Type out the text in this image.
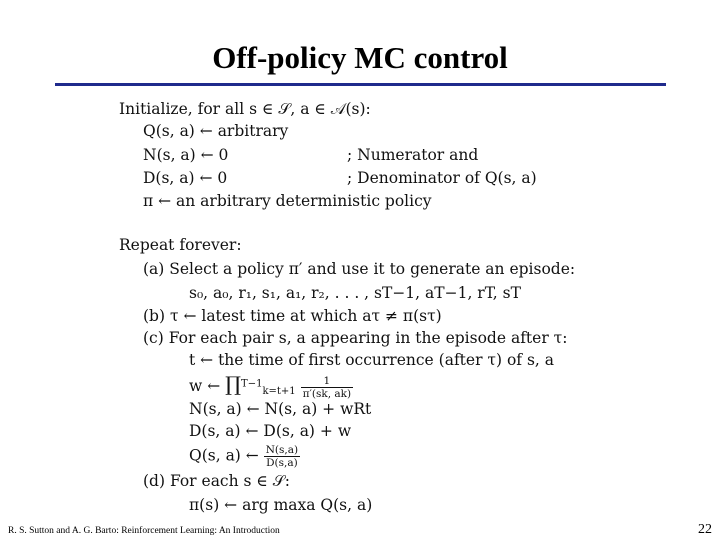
Off-policy MC control
Initialize, for all s ∈ 𝒮, a ∈ 𝒜(s):
Q(s, a) ← arbitrary
N(s, a) ← 0	; Numerator and
D(s, a) ← 0	; Denominator of Q(s, a)
π ← an arbitrary deterministic policy
Repeat forever:
(a) Select a policy π′ and use it to generate an episode:
s₀, a₀, r₁, s₁, a₁, r₂, . . . , sT−1, aT−1, rT, sT
(b) τ ← latest time at which aτ ≠ π(sτ)
(c) For each pair s, a appearing in the episode after τ:
t ← the time of first occurrence (after τ) of s, a
w ← ∏$^{T-1}_{k=t+1}$ $\frac{1}{\pi'(sk, ak)}$
N(s, a) ← N(s, a) + wRt
D(s, a) ← D(s, a) + w
Q(s, a) ← $\frac{N(s,a)}{D(s,a)}$
(d) For each s ∈ 𝒮:
π(s) ← arg maxa Q(s, a)
R. S. Sutton and A. G. Barto: Reinforcement Learning: An Introduction	22
